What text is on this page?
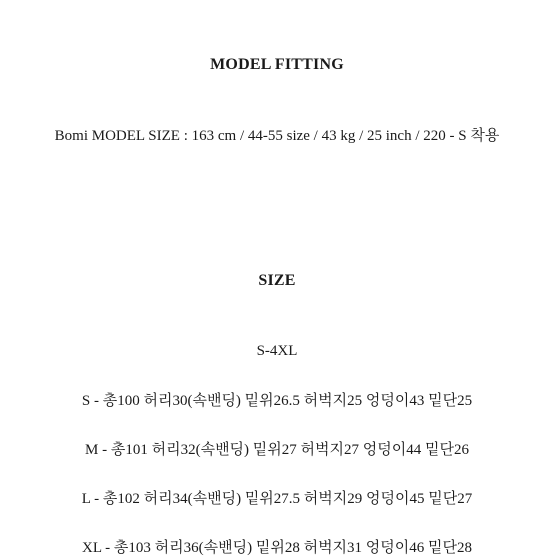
MODEL FITTING
Bomi MODEL SIZE : 163 cm / 44-55 size / 43 kg / 25 inch / 220 - S 착용
SIZE
S-4XL
S - 총100 허리30(속밴딩) 밑위26.5 허벅지25 엉덩이43 밑단25
M - 총101 허리32(속밴딩) 밑위27 허벅지27 엉덩이44 밑단26
L - 총102 허리34(속밴딩) 밑위27.5 허벅지29 엉덩이45 밑단27
XL - 총103 허리36(속밴딩) 밑위28 허벅지31 엉덩이46 밑단28
